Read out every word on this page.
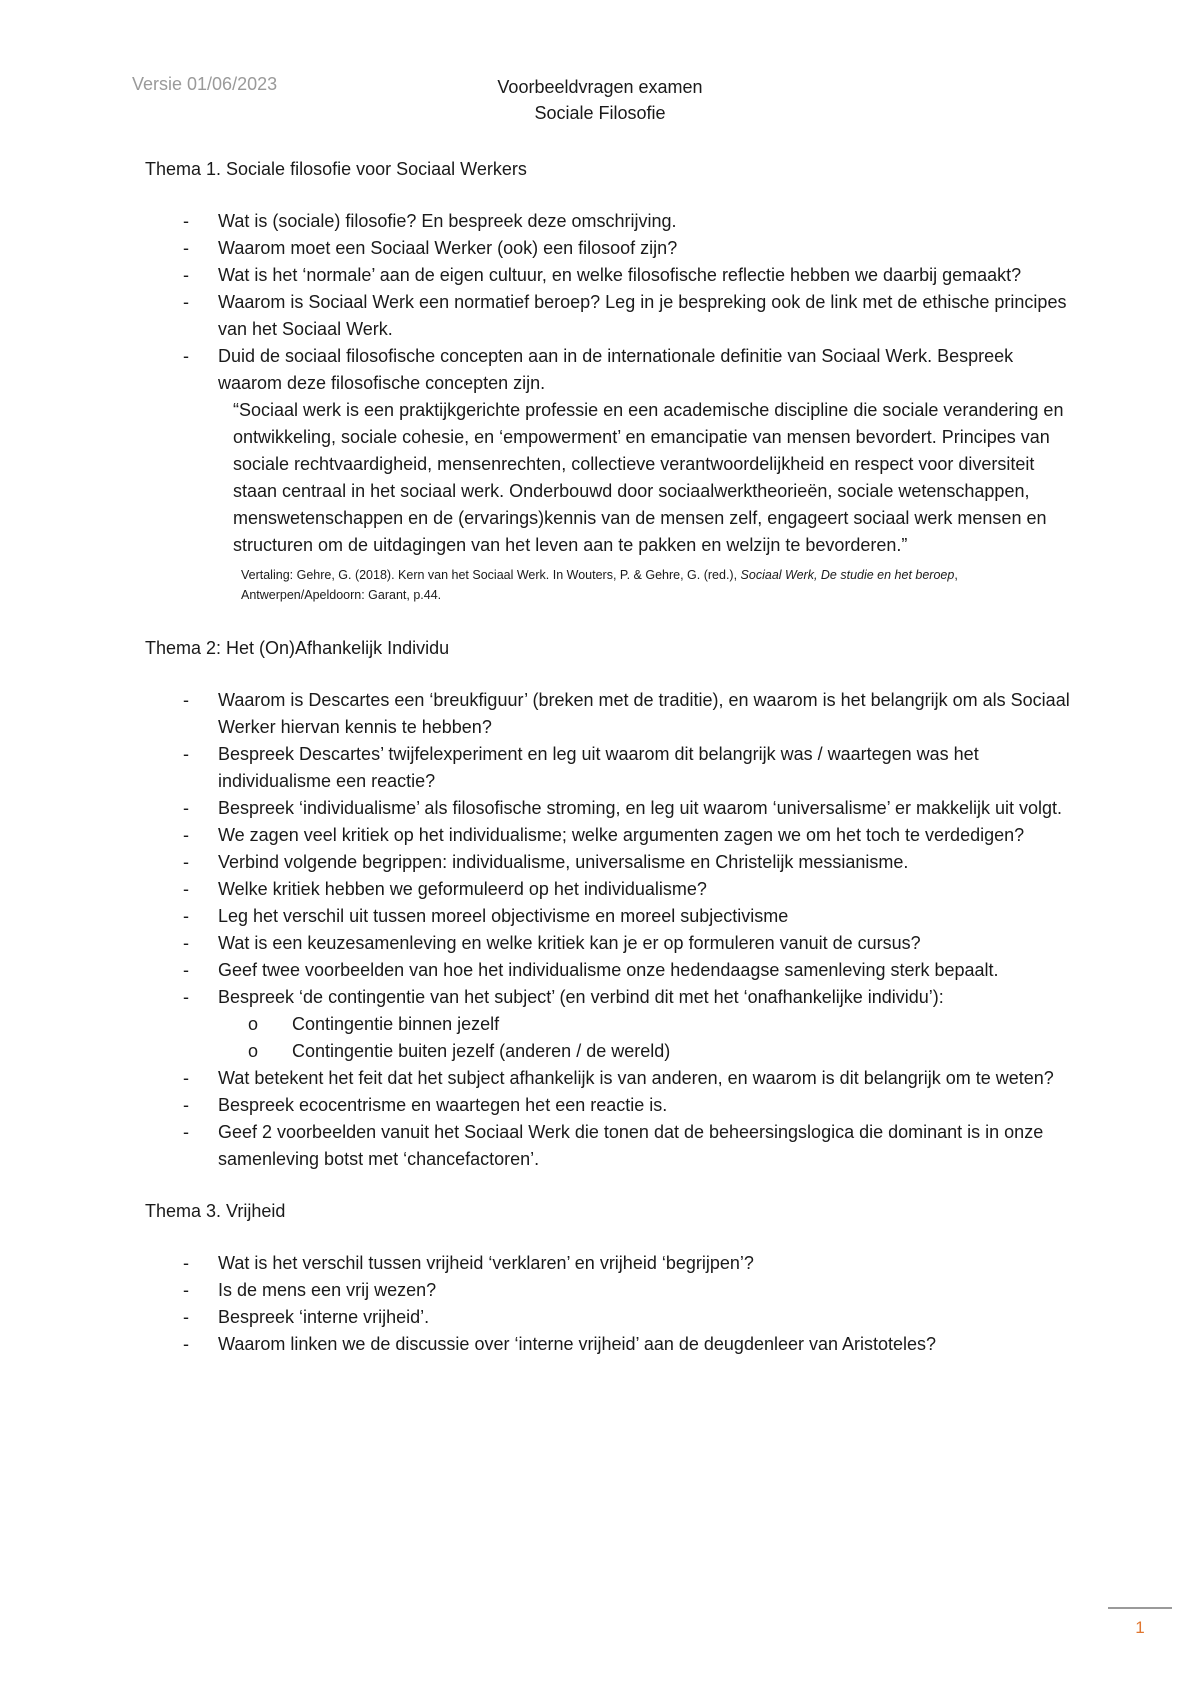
Versie 01/06/2023	Voorbeeldvragen examen
Sociale Filosofie
Thema 1. Sociale filosofie voor Sociaal Werkers
- Wat is (sociale) filosofie? En bespreek deze omschrijving.
- Waarom moet een Sociaal Werker (ook) een filosoof zijn?
- Wat is het ‘normale’ aan de eigen cultuur, en welke filosofische reflectie hebben we daarbij gemaakt?
- Waarom is Sociaal Werk een normatief beroep? Leg in je bespreking ook de link met de ethische principes van het Sociaal Werk.
- Duid de sociaal filosofische concepten aan in de internationale definitie van Sociaal Werk. Bespreek waarom deze filosofische concepten zijn.
“Sociaal werk is een praktijkgerichte professie en een academische discipline die sociale verandering en ontwikkeling, sociale cohesie, en ‘empowerment’ en emancipatie van mensen bevordert. Principes van sociale rechtvaardigheid, mensenrechten, collectieve verantwoordelijkheid en respect voor diversiteit staan centraal in het sociaal werk. Onderbouwd door sociaalwerktheorieën, sociale wetenschappen, menswetenschappen en de (ervarings)kennis van de mensen zelf, engageert sociaal werk mensen en structuren om de uitdagingen van het leven aan te pakken en welzijn te bevorderen.”
Vertaling: Gehre, G. (2018). Kern van het Sociaal Werk. In Wouters, P. & Gehre, G. (red.), Sociaal Werk, De studie en het beroep, Antwerpen/Apeldoorn: Garant, p.44.
Thema 2: Het (On)Afhankelijk Individu
- Waarom is Descartes een ‘breukfiguur’ (breken met de traditie), en waarom is het belangrijk om als Sociaal Werker hiervan kennis te hebben?
- Bespreek Descartes’ twijfelexperiment en leg uit waarom dit belangrijk was / waartegen was het individualisme een reactie?
- Bespreek ‘individualisme’ als filosofische stroming, en leg uit waarom ‘universalisme’ er makkelijk uit volgt.
- We zagen veel kritiek op het individualisme; welke argumenten zagen we om het toch te verdedigen?
- Verbind volgende begrippen: individualisme, universalisme en Christelijk messianisme.
- Welke kritiek hebben we geformuleerd op het individualisme?
- Leg het verschil uit tussen moreel objectivisme en moreel subjectivisme
- Wat is een keuzesamenleving en welke kritiek kan je er op formuleren vanuit de cursus?
- Geef twee voorbeelden van hoe het individualisme onze hedendaagse samenleving sterk bepaalt.
- Bespreek ‘de contingentie van het subject’ (en verbind dit met het ‘onafhankelijke individu’):
o Contingentie binnen jezelf
o Contingentie buiten jezelf (anderen / de wereld)
- Wat betekent het feit dat het subject afhankelijk is van anderen, en waarom is dit belangrijk om te weten?
- Bespreek ecocentrisme en waartegen het een reactie is.
- Geef 2 voorbeelden vanuit het Sociaal Werk die tonen dat de beheersingslogica die dominant is in onze samenleving botst met ‘chancefactoren’.
Thema 3. Vrijheid
- Wat is het verschil tussen vrijheid ‘verklaren’ en vrijheid ‘begrijpen’?
- Is de mens een vrij wezen?
- Bespreek ‘interne vrijheid’.
- Waarom linken we de discussie over ‘interne vrijheid’ aan de deugdenleer van Aristoteles?
1
